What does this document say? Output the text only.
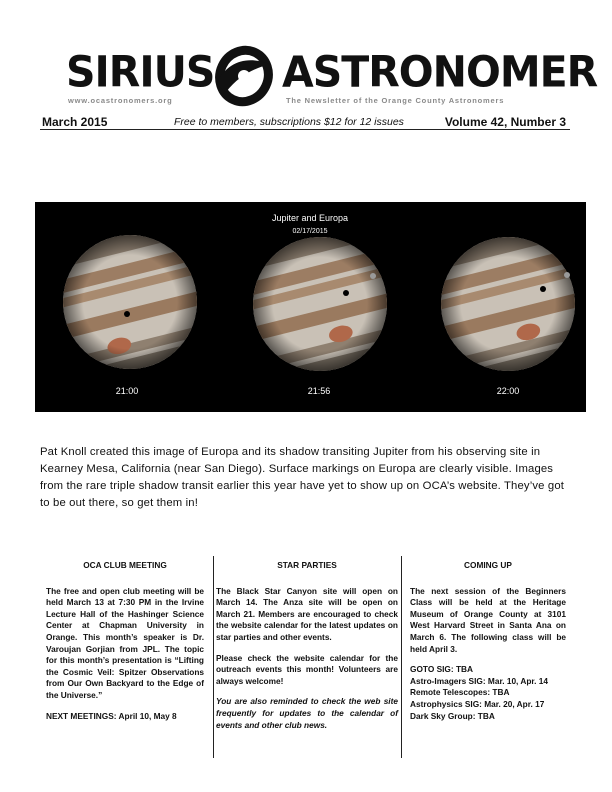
SIRIUS ASTRONOMER
www.ocastronomers.org	The Newsletter of the Orange County Astronomers
March 2015	Free to members, subscriptions $12 for 12 issues	Volume 42, Number 3
Jupiter and Europa
02/17/2015
21:00	21:56	22:00
Pat Knoll created this image of Europa and its shadow transiting Jupiter from his observing site in Kearney Mesa, California (near San Diego). Surface markings on Europa are clearly visible. Images from the rare triple shadow transit earlier this year have yet to show up on OCA’s website. They’ve got to be out there, so get them in!
OCA CLUB MEETING

The free and open club meeting will be held March 13 at 7:30 PM in the Irvine Lecture Hall of the Hashinger Science Center at Chapman University in Orange. This month’s speaker is Dr. Varoujan Gorjian from JPL. The topic for this month’s presentation is “Lifting the Cosmic Veil: Spitzer Observations from Our Own Backyard to the Edge of the Universe.”

NEXT MEETINGS: April 10, May 8

STAR PARTIES

The Black Star Canyon site will open on March 14. The Anza site will be open on March 21. Members are encouraged to check the website calendar for the latest updates on star parties and other events.

Please check the website calendar for the outreach events this month! Volunteers are always welcome!

You are also reminded to check the web site frequently for updates to the calendar of events and other club news.

COMING UP

The next session of the Beginners Class will be held at the Heritage Museum of Orange County at 3101 West Harvard Street in Santa Ana on March 6. The following class will be held April 3.

GOTO SIG: TBA

Astro-Imagers SIG: Mar. 10, Apr. 14

Remote Telescopes: TBA

Astrophysics SIG: Mar. 20, Apr. 17

Dark Sky Group: TBA
